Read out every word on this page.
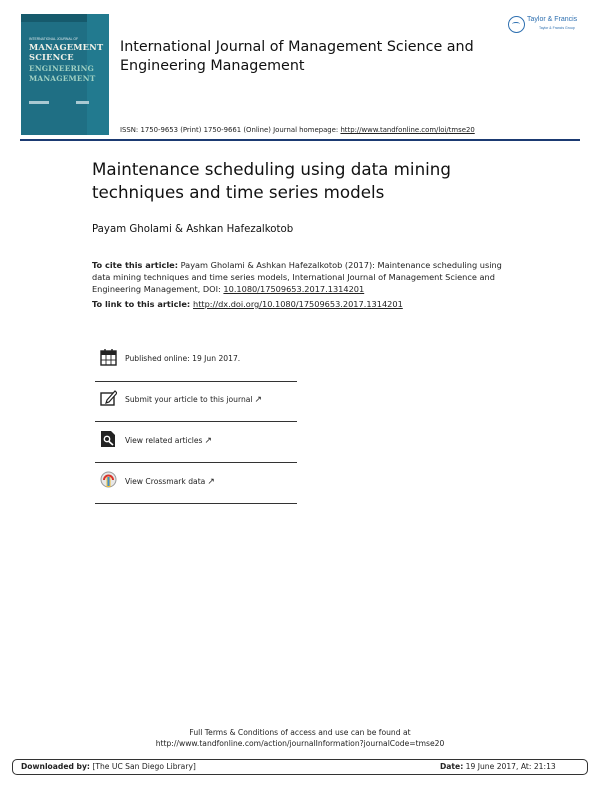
INTERNATIONAL JOURNAL OF
MANAGEMENT
SCIENCE
ENGINEERING
MANAGEMENT
International Journal of Management Science and Engineering Management
ISSN: 1750-9653 (Print) 1750-9661 (Online) Journal homepage: http://www.tandfonline.com/loi/tmse20
Taylor & Francis
Taylor & Francis Group
Maintenance scheduling using data mining techniques and time series models
Payam Gholami & Ashkan Hafezalkotob
To cite this article: Payam Gholami & Ashkan Hafezalkotob (2017): Maintenance scheduling using data mining techniques and time series models, International Journal of Management Science and Engineering Management, DOI: 10.1080/17509653.2017.1314201
To link to this article: http://dx.doi.org/10.1080/17509653.2017.1314201
Published online: 19 Jun 2017.
Submit your article to this journal ↗
View related articles ↗
View Crossmark data ↗
Full Terms & Conditions of access and use can be found at
http://www.tandfonline.com/action/journalInformation?journalCode=tmse20
Downloaded by: [The UC San Diego Library]	Date: 19 June 2017, At: 21:13
